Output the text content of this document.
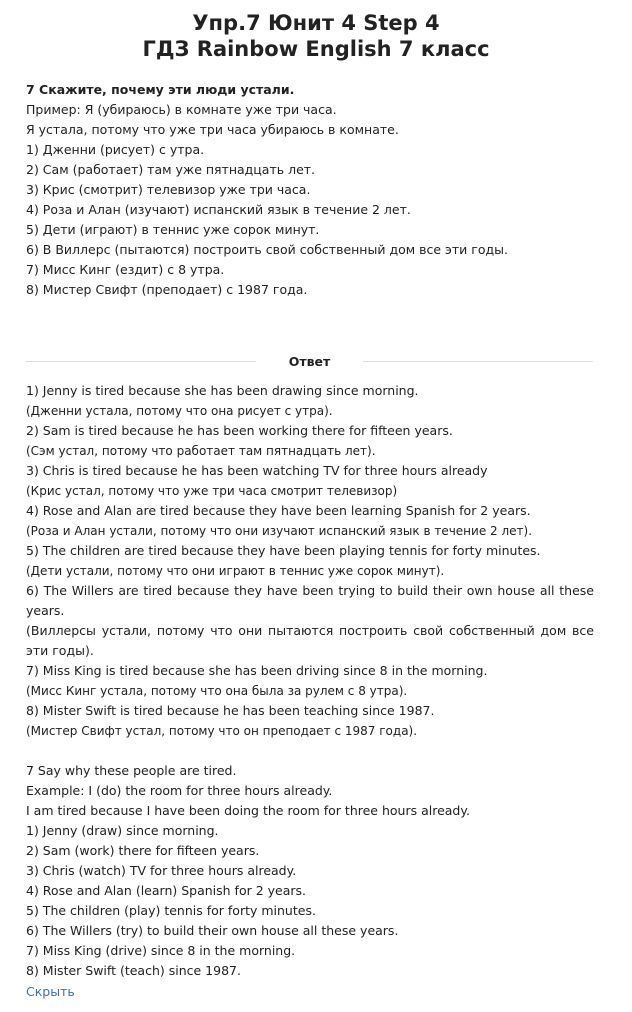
Упр.7 Юнит 4 Step 4
ГДЗ Rainbow English 7 класс
7 Скажите, почему эти люди устали.
Пример: Я (убираюсь) в комнате уже три часа.
Я устала, потому что уже три часа убираюсь в комнате.
1) Дженни (рисует) с утра.
2) Сам (работает) там уже пятнадцать лет.
3) Крис (смотрит) телевизор уже три часа.
4) Роза и Алан (изучают) испанский язык в течение 2 лет.
5) Дети (играют) в теннис уже сорок минут.
6) В Виллерс (пытаются) построить свой собственный дом все эти годы.
7) Мисс Кинг (ездит) с 8 утра.
8) Мистер Свифт (преподает) с 1987 года.
Ответ
1) Jenny is tired because she has been drawing since morning.
(Дженни устала, потому что она рисует с утра).
2) Sam is tired because he has been working there for fifteen years.
(Сэм устал, потому что работает там пятнадцать лет).
3) Chris is tired because he has been watching TV for three hours already
(Крис устал, потому что уже три часа смотрит телевизор)
4) Rose and Alan are tired because they have been learning Spanish for 2 years.
(Роза и Алан устали, потому что они изучают испанский язык в течение 2 лет).
5) The children are tired because they have been playing tennis for forty minutes.
(Дети устали, потому что они играют в теннис уже сорок минут).
6) The Willers are tired because they have been trying to build their own house all these years.
(Виллерсы устали, потому что они пытаются построить свой собственный дом все эти годы).
7) Miss King is tired because she has been driving since 8 in the morning.
(Мисс Кинг устала, потому что она была за рулем с 8 утра).
8) Mister Swift is tired because he has been teaching since 1987.
(Мистер Свифт устал, потому что он преподает с 1987 года).
7 Say why these people are tired.
Example: I (do) the room for three hours already.
I am tired because I have been doing the room for three hours already.
1) Jenny (draw) since morning.
2) Sam (work) there for fifteen years.
3) Chris (watch) TV for three hours already.
4) Rose and Alan (learn) Spanish for 2 years.
5) The children (play) tennis for forty minutes.
6) The Willers (try) to build their own house all these years.
7) Miss King (drive) since 8 in the morning.
8) Mister Swift (teach) since 1987.
Скрыть
